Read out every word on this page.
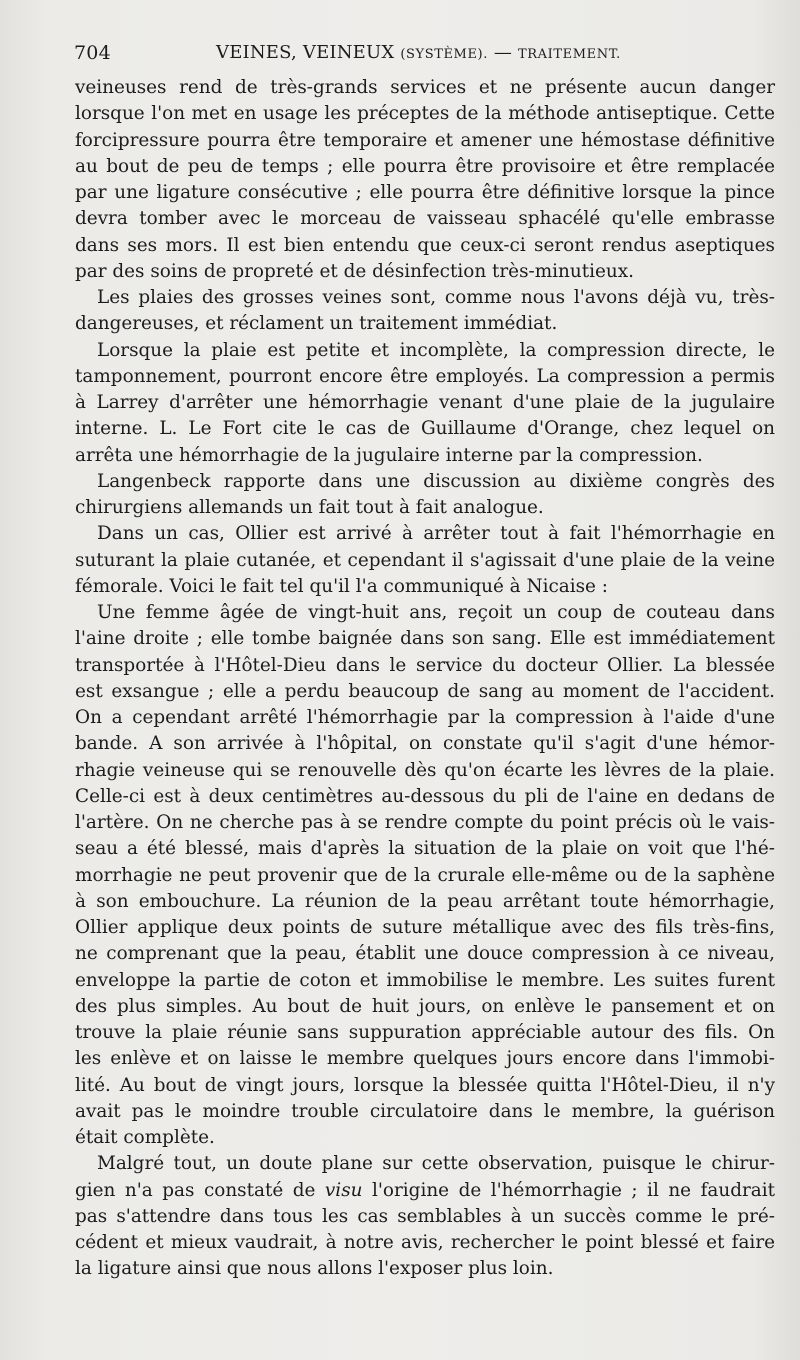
704	VEINES, VEINEUX (SYSTÈME). — TRAITEMENT.

veineuses rend de très-grands services et ne présente aucun danger
lorsque l'on met en usage les préceptes de la méthode antiseptique. Cette
forcipressure pourra être temporaire et amener une hémostase définitive
au bout de peu de temps ; elle pourra être provisoire et être remplacée
par une ligature consécutive ; elle pourra être définitive lorsque la pince
devra tomber avec le morceau de vaisseau sphacélé qu'elle embrasse
dans ses mors. Il est bien entendu que ceux-ci seront rendus aseptiques
par des soins de propreté et de désinfection très-minutieux.

Les plaies des grosses veines sont, comme nous l'avons déjà vu, très-
dangereuses, et réclament un traitement immédiat.

Lorsque la plaie est petite et incomplète, la compression directe, le
tamponnement, pourront encore être employés. La compression a permis
à Larrey d'arrêter une hémorrhagie venant d'une plaie de la jugulaire
interne. L. Le Fort cite le cas de Guillaume d'Orange, chez lequel on
arrêta une hémorrhagie de la jugulaire interne par la compression.

Langenbeck rapporte dans une discussion au dixième congrès des
chirurgiens allemands un fait tout à fait analogue.

Dans un cas, Ollier est arrivé à arrêter tout à fait l'hémorrhagie en
suturant la plaie cutanée, et cependant il s'agissait d'une plaie de la veine
fémorale. Voici le fait tel qu'il l'a communiqué à Nicaise :

Une femme âgée de vingt-huit ans, reçoit un coup de couteau dans
l'aine droite ; elle tombe baignée dans son sang. Elle est immédiatement
transportée à l'Hôtel-Dieu dans le service du docteur Ollier. La blessée
est exsangue ; elle a perdu beaucoup de sang au moment de l'accident.
On a cependant arrêté l'hémorrhagie par la compression à l'aide d'une
bande. A son arrivée à l'hôpital, on constate qu'il s'agit d'une hémor-
rhagie veineuse qui se renouvelle dès qu'on écarte les lèvres de la plaie.
Celle-ci est à deux centimètres au-dessous du pli de l'aine en dedans de
l'artère. On ne cherche pas à se rendre compte du point précis où le vais-
seau a été blessé, mais d'après la situation de la plaie on voit que l'hé-
morrhagie ne peut provenir que de la crurale elle-même ou de la saphène
à son embouchure. La réunion de la peau arrêtant toute hémorrhagie,
Ollier applique deux points de suture métallique avec des fils très-fins,
ne comprenant que la peau, établit une douce compression à ce niveau,
enveloppe la partie de coton et immobilise le membre. Les suites furent
des plus simples. Au bout de huit jours, on enlève le pansement et on
trouve la plaie réunie sans suppuration appréciable autour des fils. On
les enlève et on laisse le membre quelques jours encore dans l'immobi-
lité. Au bout de vingt jours, lorsque la blessée quitta l'Hôtel-Dieu, il n'y
avait pas le moindre trouble circulatoire dans le membre, la guérison
était complète.

Malgré tout, un doute plane sur cette observation, puisque le chirur-
gien n'a pas constaté de visu l'origine de l'hémorrhagie ; il ne faudrait
pas s'attendre dans tous les cas semblables à un succès comme le pré-
cédent et mieux vaudrait, à notre avis, rechercher le point blessé et faire
la ligature ainsi que nous allons l'exposer plus loin.
